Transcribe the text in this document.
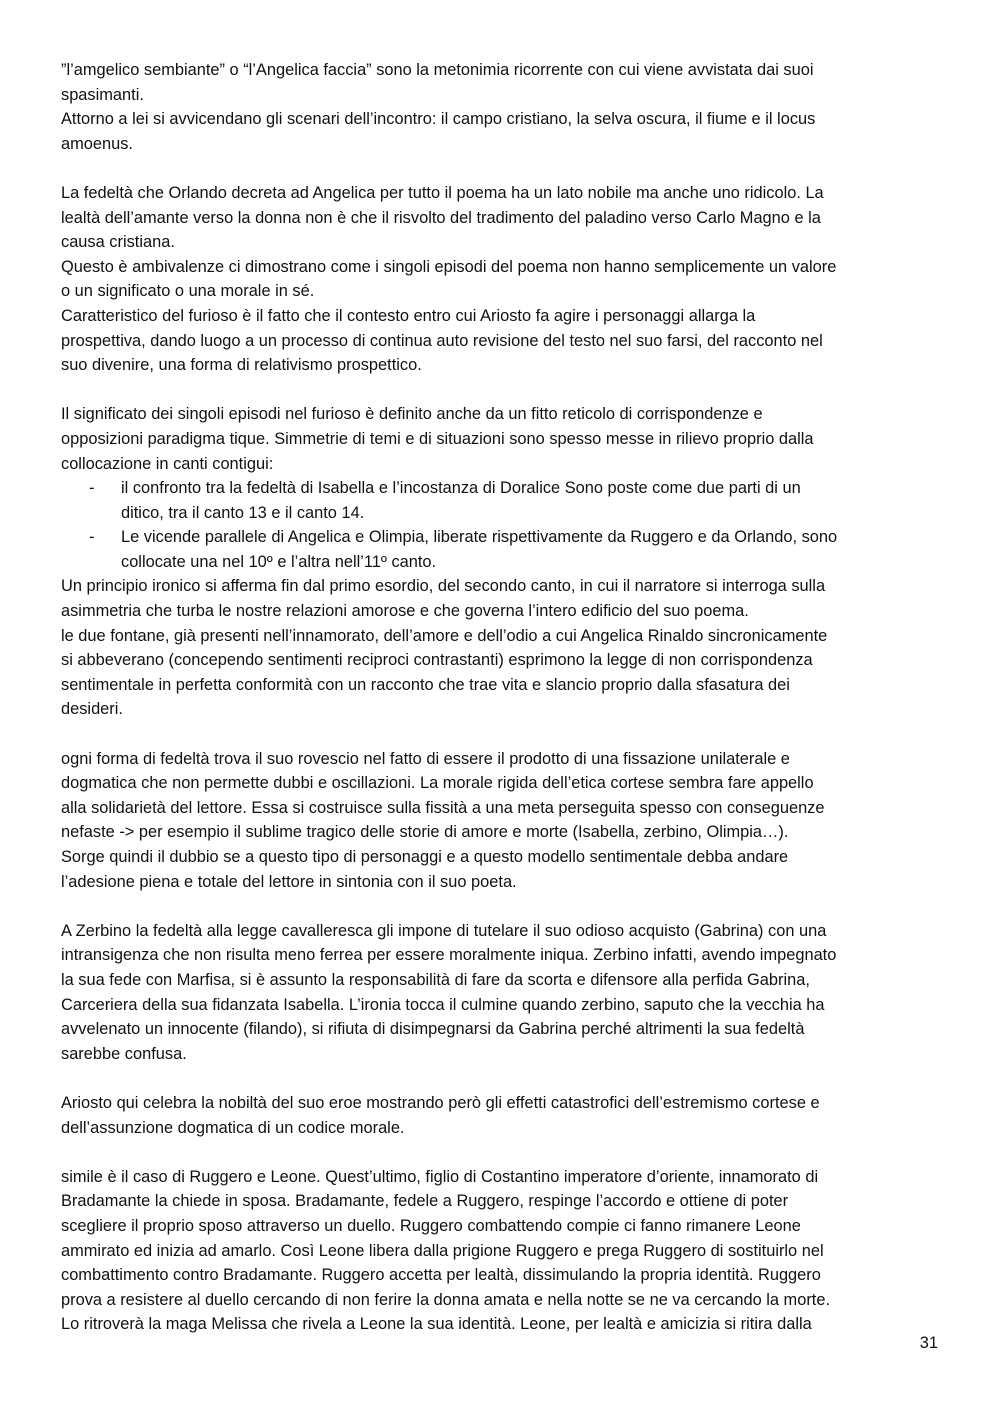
”l’amgelico sembiante” o “l’Angelica faccia” sono la metonimia ricorrente con cui viene avvistata dai suoi
spasimanti.

Attorno a lei si avvicendano gli scenari dell’incontro: il campo cristiano, la selva oscura, il fiume e il locus
amoenus.

La fedeltà che Orlando decreta ad Angelica per tutto il poema ha un lato nobile ma anche uno ridicolo. La
lealtà dell’amante verso la donna non è che il risvolto del tradimento del paladino verso Carlo Magno e la
causa cristiana.

Questo è ambivalenze ci dimostrano come i singoli episodi del poema non hanno semplicemente un valore
o un significato o una morale in sé.

Caratteristico del furioso è il fatto che il contesto entro cui Ariosto fa agire i personaggi allarga la
prospettiva, dando luogo a un processo di continua auto revisione del testo nel suo farsi, del racconto nel
suo divenire, una forma di relativismo prospettico.

Il significato dei singoli episodi nel furioso è definito anche da un fitto reticolo di corrispondenze e
opposizioni paradigma tique. Simmetrie di temi e di situazioni sono spesso messe in rilievo proprio dalla
collocazione in canti contigui:

- il confronto tra la fedeltà di Isabella e l’incostanza di Doralice Sono poste come due parti di un
ditico, tra il canto 13 e il canto 14.
- Le vicende parallele di Angelica e Olimpia, liberate rispettivamente da Ruggero e da Orlando, sono
collocate una nel 10º e l’altra nell’11º canto.

Un principio ironico si afferma fin dal primo esordio, del secondo canto, in cui il narratore si interroga sulla
asimmetria che turba le nostre relazioni amorose e che governa l’intero edificio del suo poema.

le due fontane, già presenti nell’innamorato, dell’amore e dell’odio a cui Angelica Rinaldo sincronicamente
si abbeverano (concependo sentimenti reciproci contrastanti) esprimono la legge di non corrispondenza
sentimentale in perfetta conformità con un racconto che trae vita e slancio proprio dalla sfasatura dei
desideri.

ogni forma di fedeltà trova il suo rovescio nel fatto di essere il prodotto di una fissazione unilaterale e
dogmatica che non permette dubbi e oscillazioni. La morale rigida dell’etica cortese sembra fare appello
alla solidarietà del lettore. Essa si costruisce sulla fissità a una meta perseguita spesso con conseguenze
nefaste -> per esempio il sublime tragico delle storie di amore e morte (Isabella, zerbino, Olimpia…).

Sorge quindi il dubbio se a questo tipo di personaggi e a questo modello sentimentale debba andare
l’adesione piena e totale del lettore in sintonia con il suo poeta.

A Zerbino la fedeltà alla legge cavalleresca gli impone di tutelare il suo odioso acquisto (Gabrina) con una
intransigenza che non risulta meno ferrea per essere moralmente iniqua. Zerbino infatti, avendo impegnato
la sua fede con Marfisa, si è assunto la responsabilità di fare da scorta e difensore alla perfida Gabrina,
Carceriera della sua fidanzata Isabella. L’ironia tocca il culmine quando zerbino, saputo che la vecchia ha
avvelenato un innocente (filando), si rifiuta di disimpegnarsi da Gabrina perché altrimenti la sua fedeltà
sarebbe confusa.

Ariosto qui celebra la nobiltà del suo eroe mostrando però gli effetti catastrofici dell’estremismo cortese e
dell’assunzione dogmatica di un codice morale.

simile è il caso di Ruggero e Leone. Quest’ultimo, figlio di Costantino imperatore d’oriente, innamorato di
Bradamante la chiede in sposa. Bradamante, fedele a Ruggero, respinge l’accordo e ottiene di poter
scegliere il proprio sposo attraverso un duello. Ruggero combattendo compie ci fanno rimanere Leone
ammirato ed inizia ad amarlo. Così Leone libera dalla prigione Ruggero e prega Ruggero di sostituirlo nel
combattimento contro Bradamante. Ruggero accetta per lealtà, dissimulando la propria identità. Ruggero
prova a resistere al duello cercando di non ferire la donna amata e nella notte se ne va cercando la morte.
Lo ritroverà la maga Melissa che rivela a Leone la sua identità. Leone, per lealtà e amicizia si ritira dalla

31
